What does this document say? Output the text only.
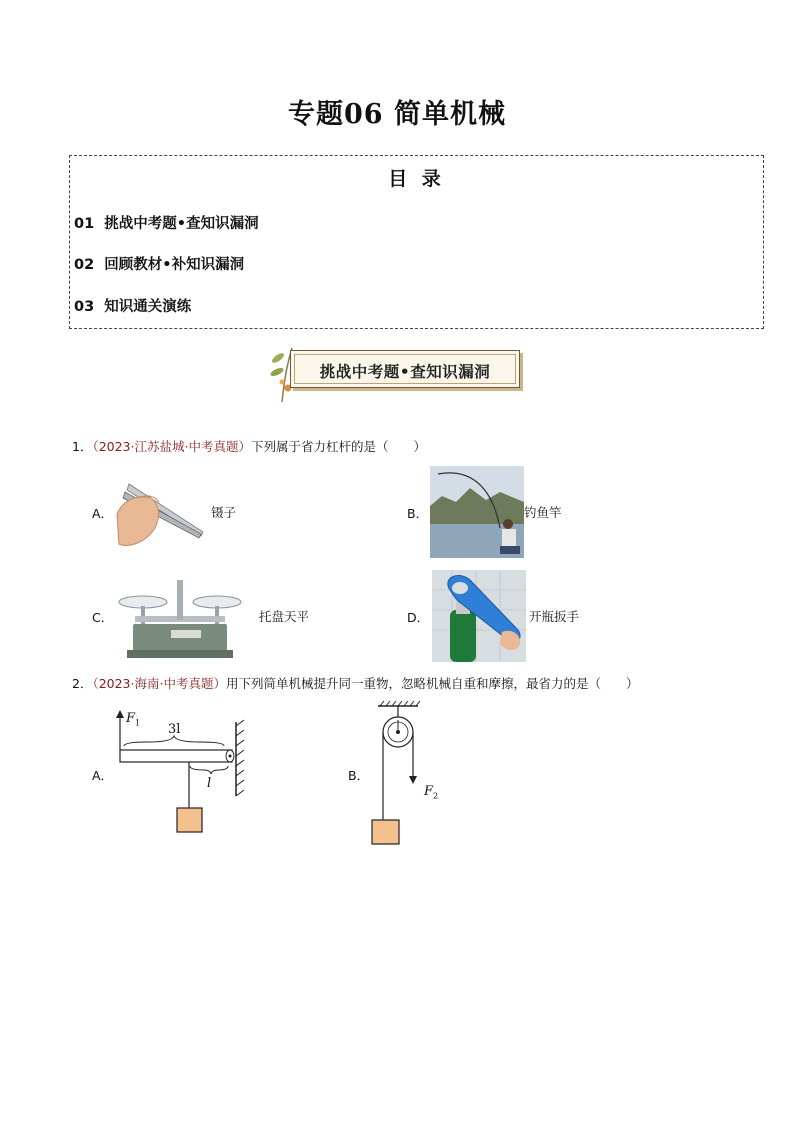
专题06 简单机械
目 录
01 挑战中考题•查知识漏洞
02 回顾教材•补知识漏洞
03 知识通关演练
挑战中考题•查知识漏洞
1．（2023·江苏盐城·中考真题）下列属于省力杠杆的是（　　）
A．	镊子	B．	钓鱼竿
C．	托盘天平	D．	开瓶扳手
2．（2023·海南·中考真题）用下列简单机械提升同一重物，忽略机械自重和摩擦，最省力的是（　　）
A．
$F_1$ 3l
l
B．
$F_2$
